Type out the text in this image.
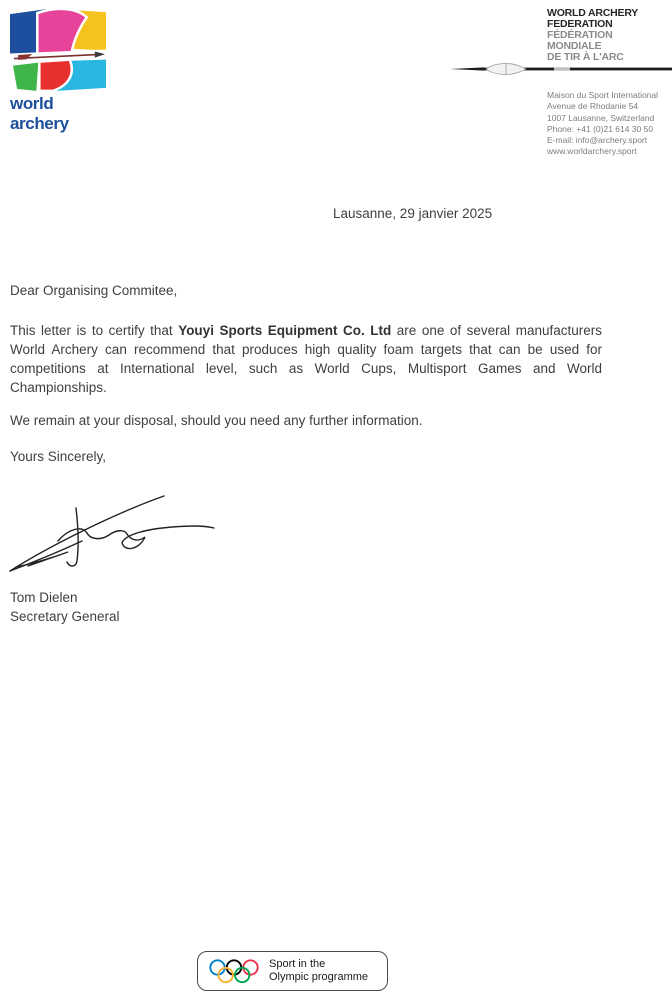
world archery
WORLD ARCHERY
FEDERATION
FÉDÉRATION
MONDIALE
DE TIR À L'ARC
Maison du Sport International
Avenue de Rhodanie 54
1007 Lausanne, Switzerland
Phone: +41 (0)21 614 30 50
E-mail: info@archery.sport
www.worldarchery.sport
Lausanne, 29 janvier 2025
Dear Organising Commitee,
This letter is to certify that Youyi Sports Equipment Co. Ltd are one of several manufacturers World Archery can recommend that produces high quality foam targets that can be used for competitions at International level, such as World Cups, Multisport Games and World Championships.
We remain at your disposal, should you need any further information.
Yours Sincerely,
Tom Dielen
Secretary General
Sport in the
Olympic programme
